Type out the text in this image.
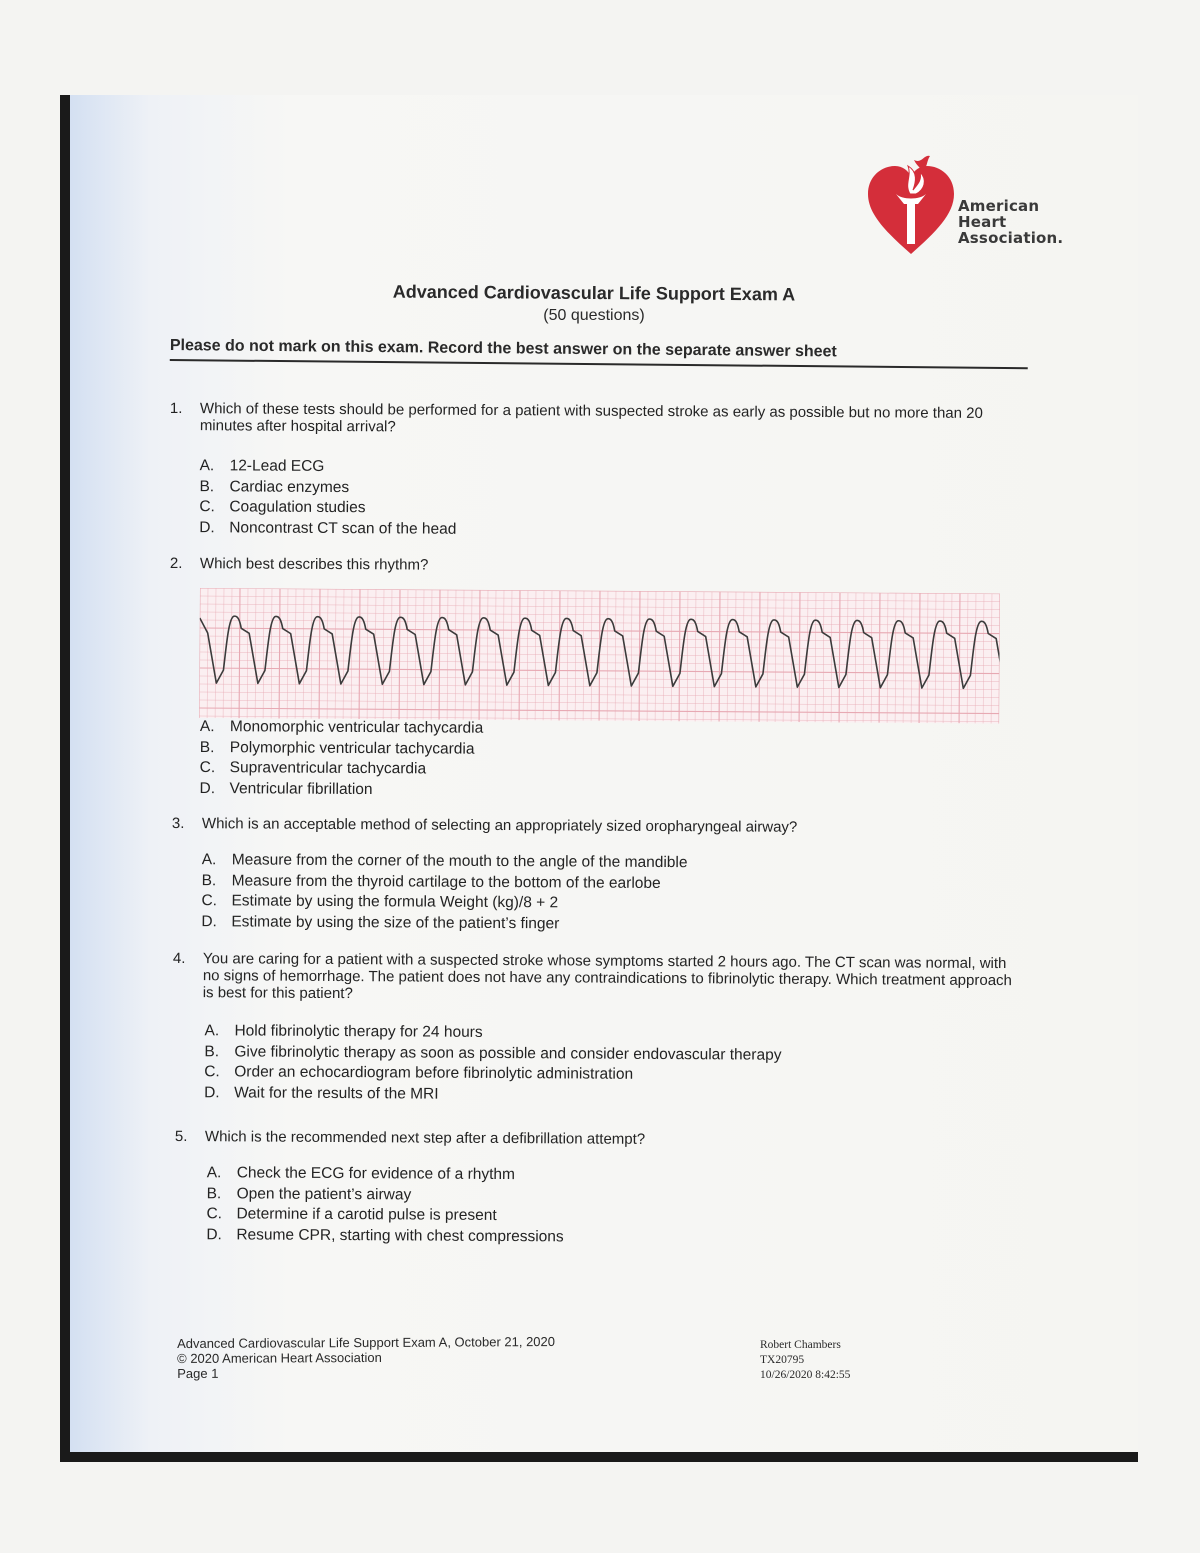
American
Heart
Association.
Advanced Cardiovascular Life Support Exam A
(50 questions)
Please do not mark on this exam. Record the best answer on the separate answer sheet
1. Which of these tests should be performed for a patient with suspected stroke as early as possible but no more than 20 minutes after hospital arrival?
A. 12-Lead ECG
B. Cardiac enzymes
C. Coagulation studies
D. Noncontrast CT scan of the head
2. Which best describes this rhythm?
A. Monomorphic ventricular tachycardia
B. Polymorphic ventricular tachycardia
C. Supraventricular tachycardia
D. Ventricular fibrillation
3. Which is an acceptable method of selecting an appropriately sized oropharyngeal airway?
A. Measure from the corner of the mouth to the angle of the mandible
B. Measure from the thyroid cartilage to the bottom of the earlobe
C. Estimate by using the formula Weight (kg)/8 + 2
D. Estimate by using the size of the patient’s finger
4. You are caring for a patient with a suspected stroke whose symptoms started 2 hours ago. The CT scan was normal, with no signs of hemorrhage. The patient does not have any contraindications to fibrinolytic therapy. Which treatment approach is best for this patient?
A. Hold fibrinolytic therapy for 24 hours
B. Give fibrinolytic therapy as soon as possible and consider endovascular therapy
C. Order an echocardiogram before fibrinolytic administration
D. Wait for the results of the MRI
5. Which is the recommended next step after a defibrillation attempt?
A. Check the ECG for evidence of a rhythm
B. Open the patient’s airway
C. Determine if a carotid pulse is present
D. Resume CPR, starting with chest compressions
Advanced Cardiovascular Life Support Exam A, October 21, 2020
© 2020 American Heart Association
Page 1
Robert Chambers
TX20795
10/26/2020 8:42:55
